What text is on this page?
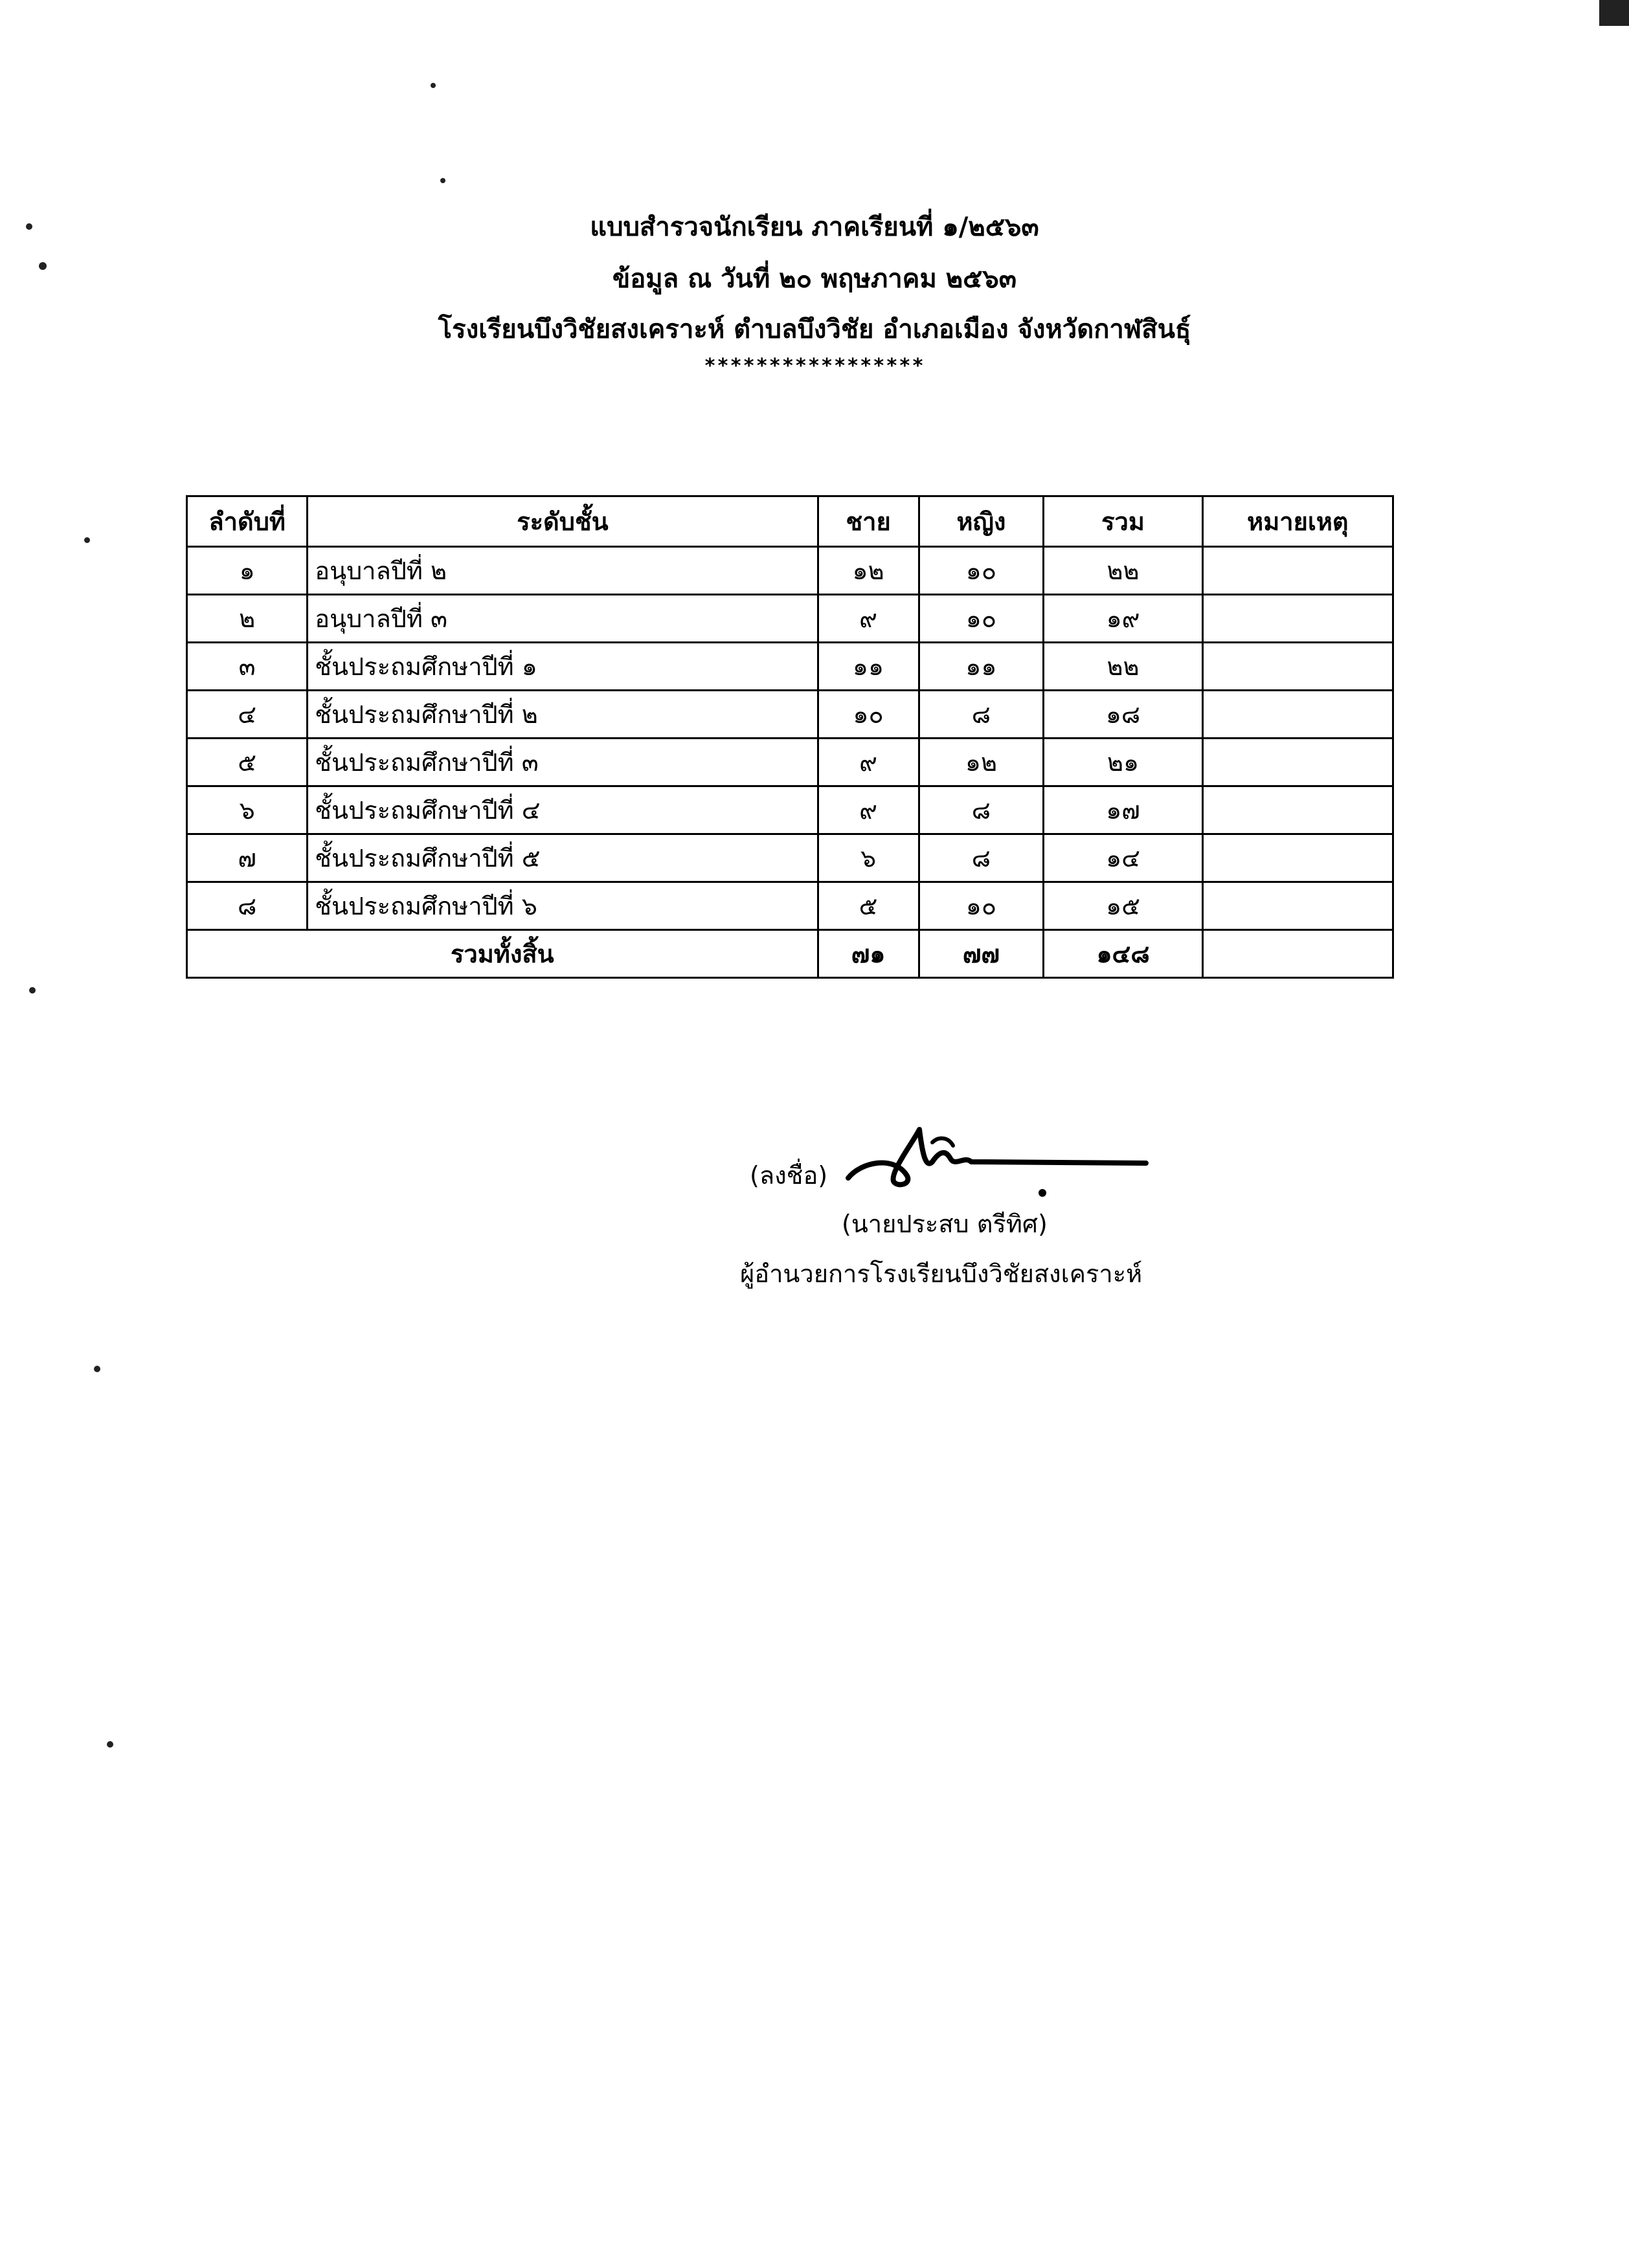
แบบสำรวจนักเรียน ภาคเรียนที่ ๑/๒๕๖๓
ข้อมูล ณ วันที่ ๒๐ พฤษภาคม ๒๕๖๓
โรงเรียนบึงวิชัยสงเคราะห์ ตำบลบึงวิชัย อำเภอเมือง จังหวัดกาฬสินธุ์
*****************
ลำดับที่	ระดับชั้น	ชาย	หญิง	รวม	หมายเหตุ
๑	อนุบาลปีที่ ๒	๑๒	๑๐	๒๒	
๒	อนุบาลปีที่ ๓	๙	๑๐	๑๙	
๓	ชั้นประถมศึกษาปีที่ ๑	๑๑	๑๑	๒๒	
๔	ชั้นประถมศึกษาปีที่ ๒	๑๐	๘	๑๘	
๕	ชั้นประถมศึกษาปีที่ ๓	๙	๑๒	๒๑	
๖	ชั้นประถมศึกษาปีที่ ๔	๙	๘	๑๗	
๗	ชั้นประถมศึกษาปีที่ ๕	๖	๘	๑๔	
๘	ชั้นประถมศึกษาปีที่ ๖	๕	๑๐	๑๕	
รวมทั้งสิ้น		๗๑	๗๗	๑๔๘	
(ลงชื่อ)
(นายประสบ ตรีทิศ)
ผู้อำนวยการโรงเรียนบึงวิชัยสงเคราะห์
